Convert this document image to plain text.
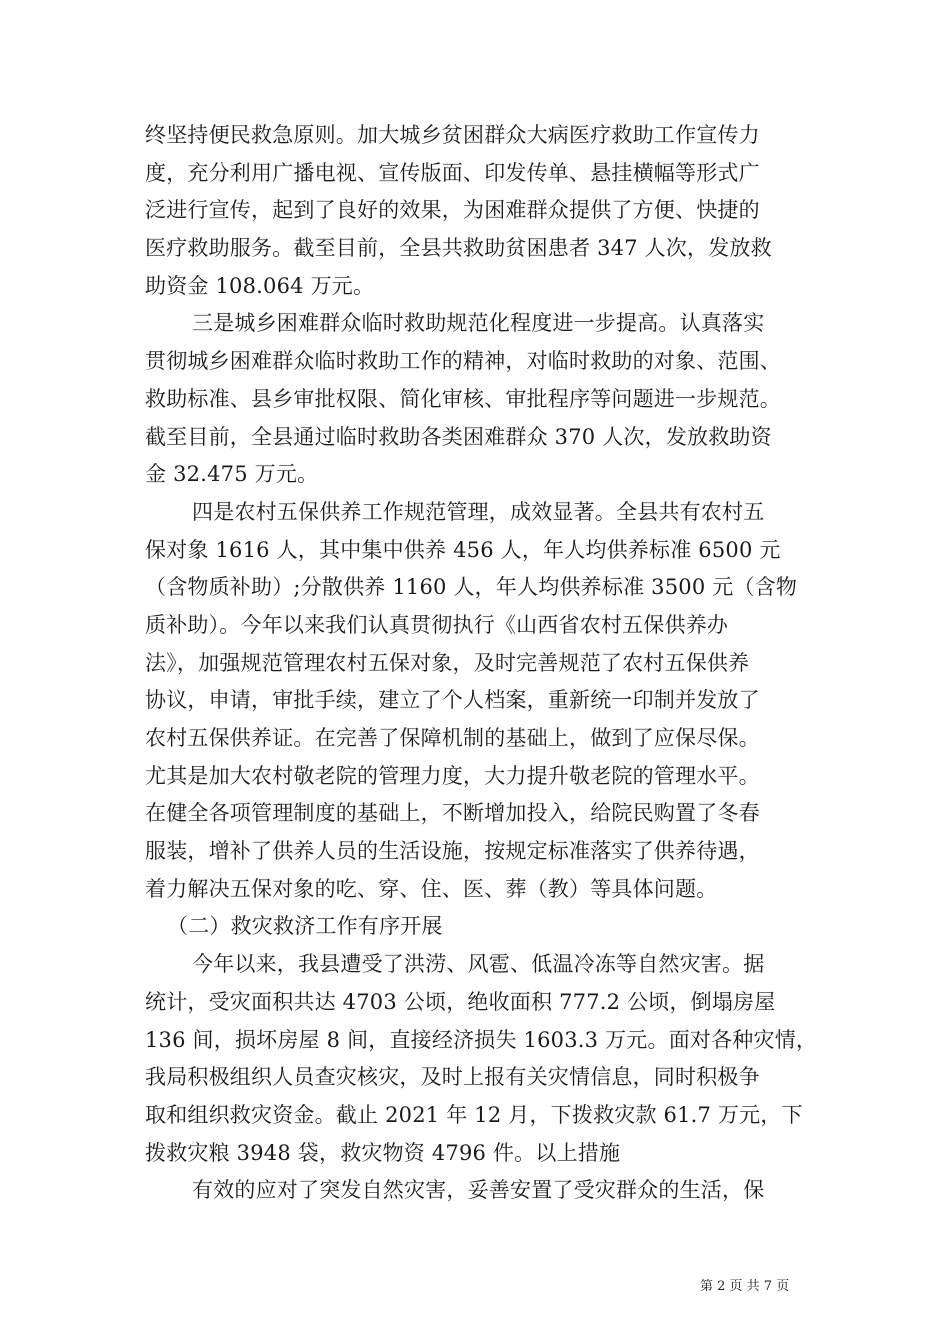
终坚持便民救急原则。加大城乡贫困群众大病医疗救助工作宣传力
度，充分利用广播电视、宣传版面、印发传单、悬挂横幅等形式广
泛进行宣传，起到了良好的效果，为困难群众提供了方便、快捷的
医疗救助服务。截至目前，全县共救助贫困患者 347 人次，发放救
助资金 108.064 万元。
三是城乡困难群众临时救助规范化程度进一步提高。认真落实
贯彻城乡困难群众临时救助工作的精神，对临时救助的对象、范围、
救助标准、县乡审批权限、简化审核、审批程序等问题进一步规范。
截至目前，全县通过临时救助各类困难群众 370 人次，发放救助资
金 32.475 万元。
四是农村五保供养工作规范管理，成效显著。全县共有农村五
保对象 1616 人，其中集中供养 456 人，年人均供养标准 6500 元
（含物质补助）;分散供养 1160 人，年人均供养标准 3500 元（含物
质补助）。今年以来我们认真贯彻执行《山西省农村五保供养办
法》，加强规范管理农村五保对象，及时完善规范了农村五保供养
协议，申请，审批手续，建立了个人档案，重新统一印制并发放了
农村五保供养证。在完善了保障机制的基础上，做到了应保尽保。
尤其是加大农村敬老院的管理力度，大力提升敬老院的管理水平。
在健全各项管理制度的基础上，不断增加投入，给院民购置了冬春
服装，增补了供养人员的生活设施，按规定标准落实了供养待遇，
着力解决五保对象的吃、穿、住、医、葬（教）等具体问题。
（二）救灾救济工作有序开展
今年以来，我县遭受了洪涝、风雹、低温冷冻等自然灾害。据
统计，受灾面积共达 4703 公顷，绝收面积 777.2 公顷，倒塌房屋
136 间，损坏房屋 8 间，直接经济损失 1603.3 万元。面对各种灾情，
我局积极组织人员查灾核灾，及时上报有关灾情信息，同时积极争
取和组织救灾资金。截止 2021 年 12 月，下拨救灾款 61.7 万元，下
拨救灾粮 3948 袋，救灾物资 4796 件。以上措施
有效的应对了突发自然灾害，妥善安置了受灾群众的生活，保
第 2 页 共 7 页
